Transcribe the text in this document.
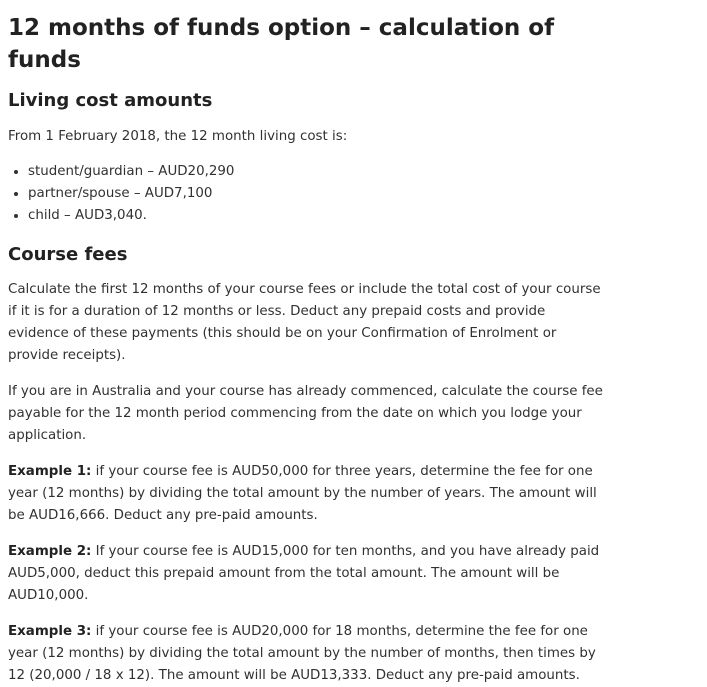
12 months of funds option – calculation of funds
Living cost amounts

From 1 February 2018, the 12 month living cost is:

• student/guardian – AUD20,290
• partner/spouse – AUD7,100
• child – AUD3,040.
Course fees

Calculate the first 12 months of your course fees or include the total cost of your course if it is for a duration of 12 months or less. Deduct any prepaid costs and provide evidence of these payments (this should be on your Confirmation of Enrolment or provide receipts).

If you are in Australia and your course has already commenced, calculate the course fee payable for the 12 month period commencing from the date on which you lodge your application.

Example 1: if your course fee is AUD50,000 for three years, determine the fee for one year (12 months) by dividing the total amount by the number of years. The amount will be AUD16,666. Deduct any pre-paid amounts.

Example 2: If your course fee is AUD15,000 for ten months, and you have already paid AUD5,000, deduct this prepaid amount from the total amount. The amount will be AUD10,000.

Example 3: if your course fee is AUD20,000 for 18 months, determine the fee for one year (12 months) by dividing the total amount by the number of months, then times by 12 (20,000 / 18 x 12). The amount will be AUD13,333. Deduct any pre-paid amounts.
